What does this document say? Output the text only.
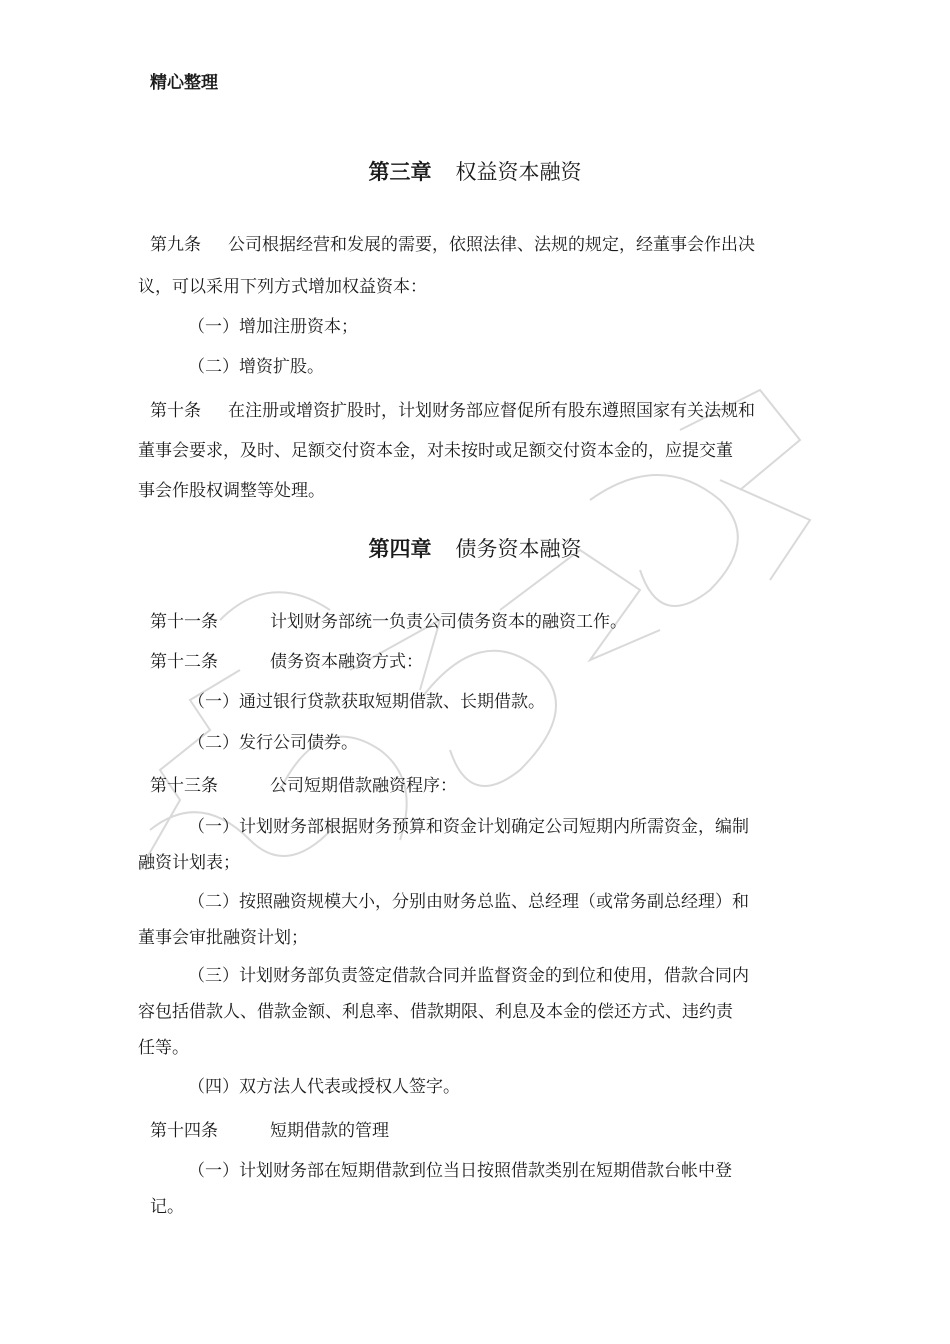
精心整理
第三章 权益资本融资
第九条 公司根据经营和发展的需要，依照法律、法规的规定，经董事会作出决
议，可以采用下列方式增加权益资本：
（一）增加注册资本；
（二）增资扩股。
第十条 在注册或增资扩股时，计划财务部应督促所有股东遵照国家有关法规和
董事会要求，及时、足额交付资本金，对未按时或足额交付资本金的，应提交董
事会作股权调整等处理。
第四章 债务资本融资
第十一条	计划财务部统一负责公司债务资本的融资工作。
第十二条	债务资本融资方式：
（一）通过银行贷款获取短期借款、长期借款。
（二）发行公司债券。
第十三条	公司短期借款融资程序：
（一）计划财务部根据财务预算和资金计划确定公司短期内所需资金，编制
融资计划表；
（二）按照融资规模大小，分别由财务总监、总经理（或常务副总经理）和
董事会审批融资计划；
（三）计划财务部负责签定借款合同并监督资金的到位和使用，借款合同内
容包括借款人、借款金额、利息率、借款期限、利息及本金的偿还方式、违约责
任等。
（四）双方法人代表或授权人签字。
第十四条	短期借款的管理
（一）计划财务部在短期借款到位当日按照借款类别在短期借款台帐中登
记。
